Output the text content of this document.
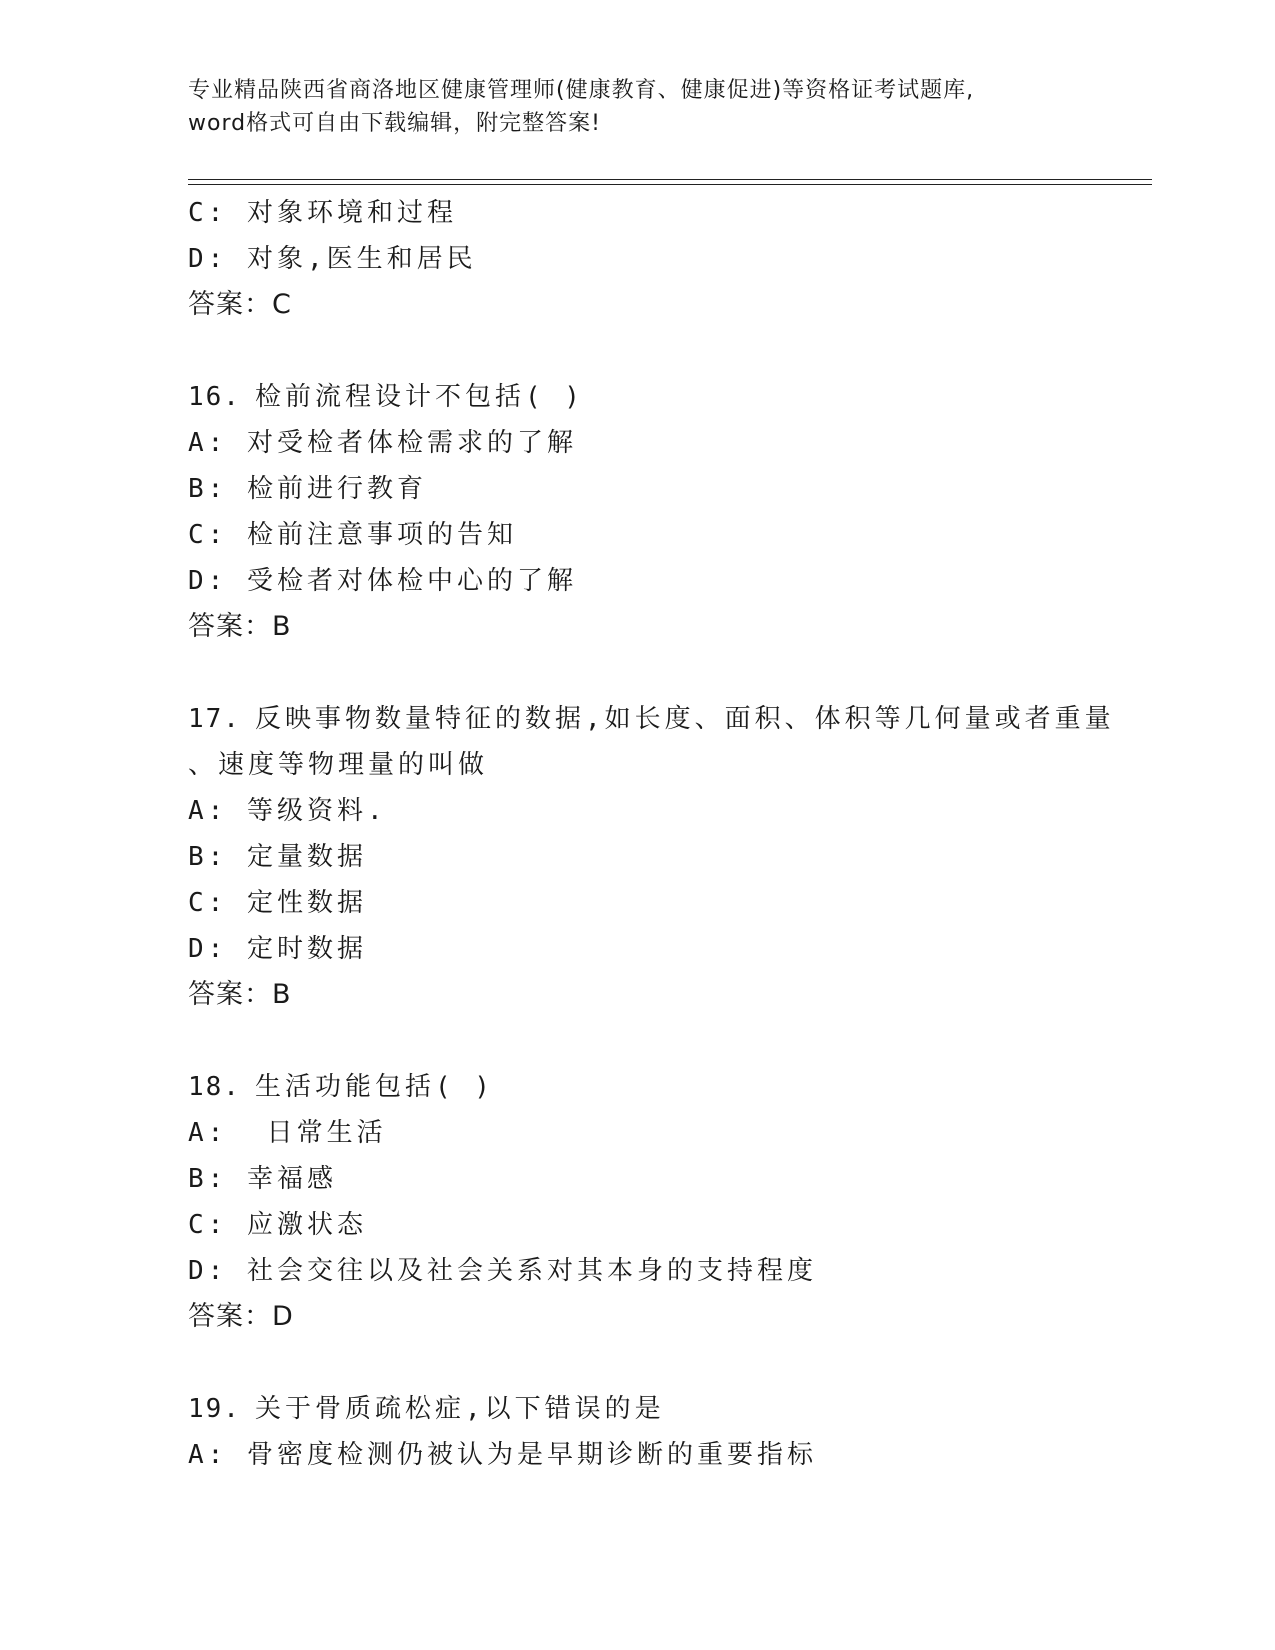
专业精品陕西省商洛地区健康管理师(健康教育、健康促进)等资格证考试题库,
word格式可自由下载编辑，附完整答案!
C: 对象环境和过程
D: 对象,医生和居民
答案：C
16. 检前流程设计不包括( )
A: 对受检者体检需求的了解
B: 检前进行教育
C: 检前注意事项的告知
D: 受检者对体检中心的了解
答案：B
17. 反映事物数量特征的数据,如长度、面积、体积等几何量或者重量
、速度等物理量的叫做
A: 等级资料.
B: 定量数据
C: 定性数据
D: 定时数据
答案：B
18. 生活功能包括( )
A:  日常生活
B: 幸福感
C: 应激状态
D: 社会交往以及社会关系对其本身的支持程度
答案：D
19. 关于骨质疏松症,以下错误的是
A: 骨密度检测仍被认为是早期诊断的重要指标
